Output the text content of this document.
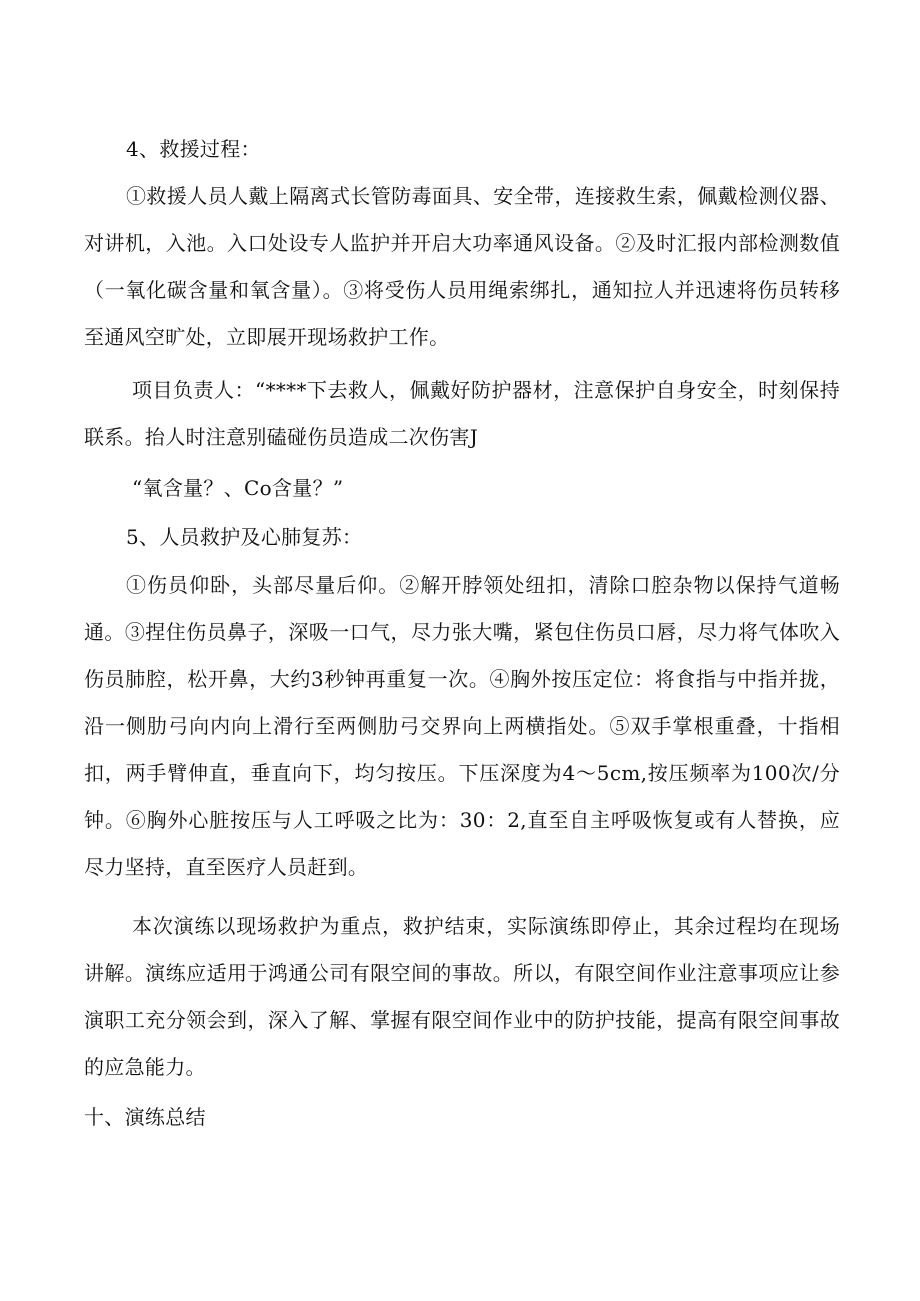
4、救援过程：

①救援人员人戴上隔离式长管防毒面具、安全带，连接救生索，佩戴检测仪器、对讲机，入池。入口处设专人监护并开启大功率通风设备。②及时汇报内部检测数值（一氧化碳含量和氧含量）。③将受伤人员用绳索绑扎，通知拉人并迅速将伤员转移至通风空旷处，立即展开现场救护工作。

项目负责人：“****下去救人，佩戴好防护器材，注意保护自身安全，时刻保持联系。抬人时注意别磕碰伤员造成二次伤害J

“氧含量？、Co含量？”

5、人员救护及心肺复苏：

①伤员仰卧，头部尽量后仰。②解开脖领处纽扣，清除口腔杂物以保持气道畅通。③捏住伤员鼻子，深吸一口气，尽力张大嘴，紧包住伤员口唇，尽力将气体吹入伤员肺腔，松开鼻，大约3秒钟再重复一次。④胸外按压定位：将食指与中指并拢，沿一侧肋弓向内向上滑行至两侧肋弓交界向上两横指处。⑤双手掌根重叠，十指相扣，两手臂伸直，垂直向下，均匀按压。下压深度为4～5cm,按压频率为100次/分钟。⑥胸外心脏按压与人工呼吸之比为：30：2,直至自主呼吸恢复或有人替换，应尽力坚持，直至医疗人员赶到。

本次演练以现场救护为重点，救护结束，实际演练即停止，其余过程均在现场讲解。演练应适用于鸿通公司有限空间的事故。所以，有限空间作业注意事项应让参演职工充分领会到，深入了解、掌握有限空间作业中的防护技能，提高有限空间事故的应急能力。

十、演练总结
